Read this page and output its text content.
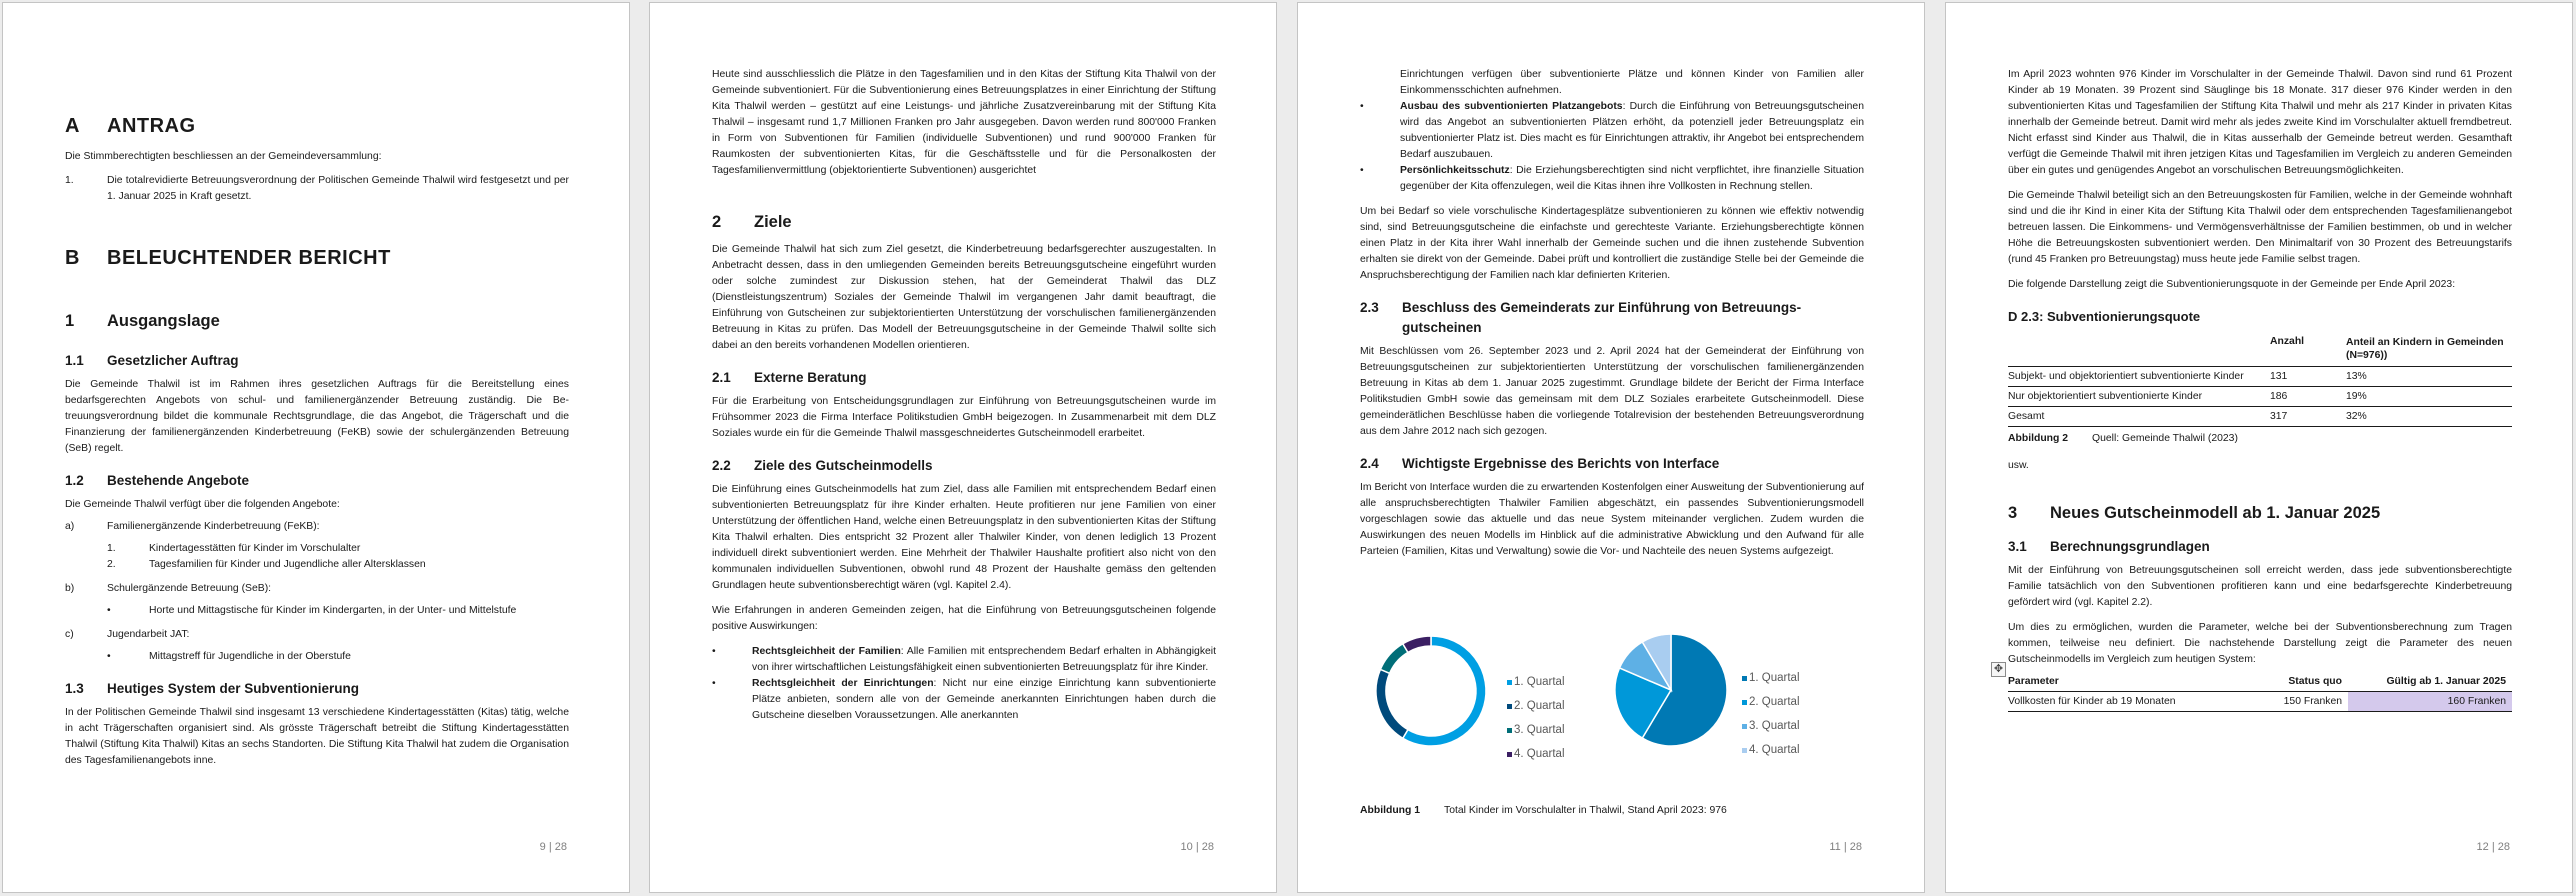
A	ANTRAG

Die Stimmberechtigten beschliessen an der Gemeindeversammlung:

1.	Die totalrevidierte Betreuungsverordnung der Politischen Gemeinde Thalwil wird festgesetzt und per 1. Januar 2025 in Kraft gesetzt.
B	BELEUCHTENDER BERICHT
1	Ausgangslage
1.1	Gesetzlicher Auftrag

Die Gemeinde Thalwil ist im Rahmen ihres gesetzlichen Auftrags für die Bereitstellung eines bedarfsgerechten Angebots von schul- und familienergänzender Betreuung zuständig. Die Betreuungsverordnung bildet die kommunale Rechtsgrundlage, die das Angebot, die Trägerschaft und die Finanzierung der familienergänzenden Kinderbetreuung (FeKB) sowie der schulergänzenden Betreuung (SeB) regelt.

1.2	Bestehende Angebote

Die Gemeinde Thalwil verfügt über die folgenden Angebote:

a)	Familienergänzende Kinderbetreuung (FeKB):
1.	Kindertagesstätten für Kinder im Vorschulalter
2.	Tagesfamilien für Kinder und Jugendliche aller Altersklassen
b)	Schulergänzende Betreuung (SeB):
•	Horte und Mittagstische für Kinder im Kindergarten, in der Unter- und Mittelstufe
c)	Jugendarbeit JAT:
•	Mittagstreff für Jugendliche in der Oberstufe
1.3	Heutiges System der Subventionierung

In der Politischen Gemeinde Thalwil sind insgesamt 13 verschiedene Kindertagesstätten (Kitas) tätig, welche in acht Trägerschaften organisiert sind. Als grösste Trägerschaft betreibt die Stiftung Kindertagesstätten Thalwil (Stiftung Kita Thalwil) Kitas an sechs Standorten. Die Stiftung Kita Thalwil hat zudem die Organisation des Tagesfamilienangebots inne.

9 | 28

Heute sind ausschliesslich die Plätze in den Tagesfamilien und in den Kitas der Stiftung Kita Thalwil von der Gemeinde subventioniert. Für die Subventionierung eines Betreuungsplatzes in einer Einrichtung der Stiftung Kita Thalwil werden – gestützt auf eine Leistungs- und jährliche Zusatzvereinbarung mit der Stiftung Kita Thalwil – insgesamt rund 1,7 Millionen Franken pro Jahr ausgegeben. Davon werden rund 800'000 Franken in Form von Subventionen für Familien (individuelle Subventionen) und rund 900'000 Franken für Raumkosten der subventionierten Kitas, für die Geschäftsstelle und für die Personalkosten der Tagesfamilienvermittlung (objektorientierte Subventionen) ausgerichtet

2	Ziele

Die Gemeinde Thalwil hat sich zum Ziel gesetzt, die Kinderbetreuung bedarfsgerechter auszugestalten. In Anbetracht dessen, dass in den umliegenden Gemeinden bereits Betreuungsgutscheine eingeführt wurden oder solche zumindest zur Diskussion stehen, hat der Gemeinderat Thalwil das DLZ (Dienstleistungszentrum) Soziales der Gemeinde Thalwil im vergangenen Jahr damit beauftragt, die Einführung von Gutscheinen zur subjektorientierten Unterstützung der vorschulischen familienergänzenden Betreuung in Kitas zu prüfen. Das Modell der Betreuungsgutscheine in der Gemeinde Thalwil sollte sich dabei an den bereits vorhandenen Modellen orientieren.

2.1	Externe Beratung

Für die Erarbeitung von Entscheidungsgrundlagen zur Einführung von Betreuungsgutscheinen wurde im Frühsommer 2023 die Firma Interface Politikstudien GmbH beigezogen. In Zusammenarbeit mit dem DLZ Soziales wurde ein für die Gemeinde Thalwil massgeschneidertes Gutscheinmodell erarbeitet.

2.2	Ziele des Gutscheinmodells

Die Einführung eines Gutscheinmodells hat zum Ziel, dass alle Familien mit entsprechendem Bedarf einen subventionierten Betreuungsplatz für ihre Kinder erhalten. Heute profitieren nur jene Familien von einer Unterstützung der öffentlichen Hand, welche einen Betreuungsplatz in den subventionierten Kitas der Stiftung Kita Thalwil erhalten. Dies entspricht 32 Prozent aller Thalwiler Kinder, von denen lediglich 13 Prozent individuell direkt subventioniert werden. Eine Mehrheit der Thalwiler Haushalte profitiert also nicht von den kommunalen individuellen Subventionen, obwohl rund 48 Prozent der Haushalte gemäss den geltenden Grundlagen heute subventionsberechtigt wären (vgl. Kapitel 2.4).

Wie Erfahrungen in anderen Gemeinden zeigen, hat die Einführung von Betreuungsgutscheinen folgende positive Auswirkungen:

•	Rechtsgleichheit der Familien: Alle Familien mit entsprechendem Bedarf erhalten in Abhängigkeit von ihrer wirtschaftlichen Leistungsfähigkeit einen subventionierten Betreuungsplatz für ihre Kinder.
•	Rechtsgleichheit der Einrichtungen: Nicht nur eine einzige Einrichtung kann subventionierte Plätze anbieten, sondern alle von der Gemeinde anerkannten Einrichtungen haben durch die Gutscheine dieselben Voraussetzungen. Alle anerkannten
10 | 28
Einrichtungen verfügen über subventionierte Plätze und können Kinder von Familien aller Einkommensschichten aufnehmen.
•	Ausbau des subventionierten Platzangebots: Durch die Einführung von Betreuungsgutscheinen wird das Angebot an subventionierten Plätzen erhöht, da potenziell jeder Betreuungsplatz ein subventionierter Platz ist. Dies macht es für Einrichtungen attraktiv, ihr Angebot bei entsprechendem Bedarf auszubauen.
•	Persönlichkeitsschutz: Die Erziehungsberechtigten sind nicht verpflichtet, ihre finanzielle Situation gegenüber der Kita offenzulegen, weil die Kitas ihnen ihre Vollkosten in Rechnung stellen.

Um bei Bedarf so viele vorschulische Kindertagesplätze subventionieren zu können wie effektiv notwendig sind, sind Betreuungsgutscheine die einfachste und gerechteste Variante. Erziehungsberechtigte können einen Platz in der Kita ihrer Wahl innerhalb der Gemeinde suchen und die ihnen zustehende Subvention erhalten sie direkt von der Gemeinde. Dabei prüft und kontrolliert die zuständige Stelle bei der Gemeinde die Anspruchsberechtigung der Familien nach klar definierten Kriterien.

2.3	Beschluss des Gemeinderats zur Einführung von Betreuungsgutscheinen

Mit Beschlüssen vom 26. September 2023 und 2. April 2024 hat der Gemeinderat der Einführung von Betreuungsgutscheinen zur subjektorientierten Unterstützung der vorschulischen familienergänzenden Betreuung in Kitas ab dem 1. Januar 2025 zugestimmt. Grundlage bildete der Bericht der Firma Interface Politikstudien GmbH sowie das gemeinsam mit dem DLZ Soziales erarbeitete Gutscheinmodell. Diese gemeinderätlichen Beschlüsse haben die vorliegende Totalrevision der bestehenden Betreuungsverordnung aus dem Jahre 2012 nach sich gezogen.

2.4	Wichtigste Ergebnisse des Berichts von Interface

Im Bericht von Interface wurden die zu erwartenden Kostenfolgen einer Ausweitung der Subventionierung auf alle anspruchsberechtigten Thalwiler Familien abgeschätzt, ein passendes Subventionierungsmodell vorgeschlagen sowie das aktuelle und das neue System miteinander verglichen. Zudem wurden die Auswirkungen des neuen Modells im Hinblick auf die administrative Abwicklung und den Aufwand für alle Parteien (Familien, Kitas und Verwaltung) sowie die Vor- und Nachteile des neuen Systems aufgezeigt.

1. Quartal
2. Quartal
3. Quartal
4. Quartal
1. Quartal
2. Quartal
3. Quartal
4. Quartal
Abbildung 1	Total Kinder im Vorschulalter in Thalwil, Stand April 2023: 976
11 | 28

Im April 2023 wohnten 976 Kinder im Vorschulalter in der Gemeinde Thalwil. Davon sind rund 61 Prozent Kinder ab 19 Monaten. 39 Prozent sind Säuglinge bis 18 Monate. 317 dieser 976 Kinder werden in den subventionierten Kitas und Tagesfamilien der Stiftung Kita Thalwil und mehr als 217 Kinder in privaten Kitas innerhalb der Gemeinde betreut. Damit wird mehr als jedes zweite Kind im Vorschulalter aktuell fremdbetreut. Nicht erfasst sind Kinder aus Thalwil, die in Kitas ausserhalb der Gemeinde betreut werden. Gesamthaft verfügt die Gemeinde Thalwil mit ihren jetzigen Kitas und Tagesfamilien im Vergleich zu anderen Gemeinden über ein gutes und genügendes Angebot an vorschulischen Betreuungsmöglichkeiten.

Die Gemeinde Thalwil beteiligt sich an den Betreuungskosten für Familien, welche in der Gemeinde wohnhaft sind und die ihr Kind in einer Kita der Stiftung Kita Thalwil oder dem entsprechenden Tagesfamilienangebot betreuen lassen. Die Einkommens- und Vermögensverhältnisse der Familien bestimmen, ob und in welcher Höhe die Betreuungskosten subventioniert werden. Den Minimaltarif von 30 Prozent des Betreuungstarifs (rund 45 Franken pro Betreuungstag) muss heute jede Familie selbst tragen.

Die folgende Darstellung zeigt die Subventionierungsquote in der Gemeinde per Ende April 2023:

D 2.3: Subventionierungsquote
	Anzahl	Anteil an Kindern in Gemeinden (N=976))
Subjekt- und objektorientiert subventionierte Kinder	131	13%
Nur objektorientiert subventionierte Kinder	186	19%
Gesamt	317	32%
Abbildung 2	Quell: Gemeinde Thalwil (2023)

usw.

3	Neues Gutscheinmodell ab 1. Januar 2025
3.1	Berechnungsgrundlagen

Mit der Einführung von Betreuungsgutscheinen soll erreicht werden, dass jede subventionsberechtigte Familie tatsächlich von den Subventionen profitieren kann und eine bedarfsgerechte Kinderbetreuung gefördert wird (vgl. Kapitel 2.2).

Um dies zu ermöglichen, wurden die Parameter, welche bei der Subventionsberechnung zum Tragen kommen, teilweise neu definiert. Die nachstehende Darstellung zeigt die Parameter des neuen Gutscheinmodells im Vergleich zum heutigen System:

✥
Parameter	Status quo	Gültig ab 1. Januar 2025
Vollkosten für Kinder ab 19 Monaten	150 Franken	160 Franken
12 | 28
